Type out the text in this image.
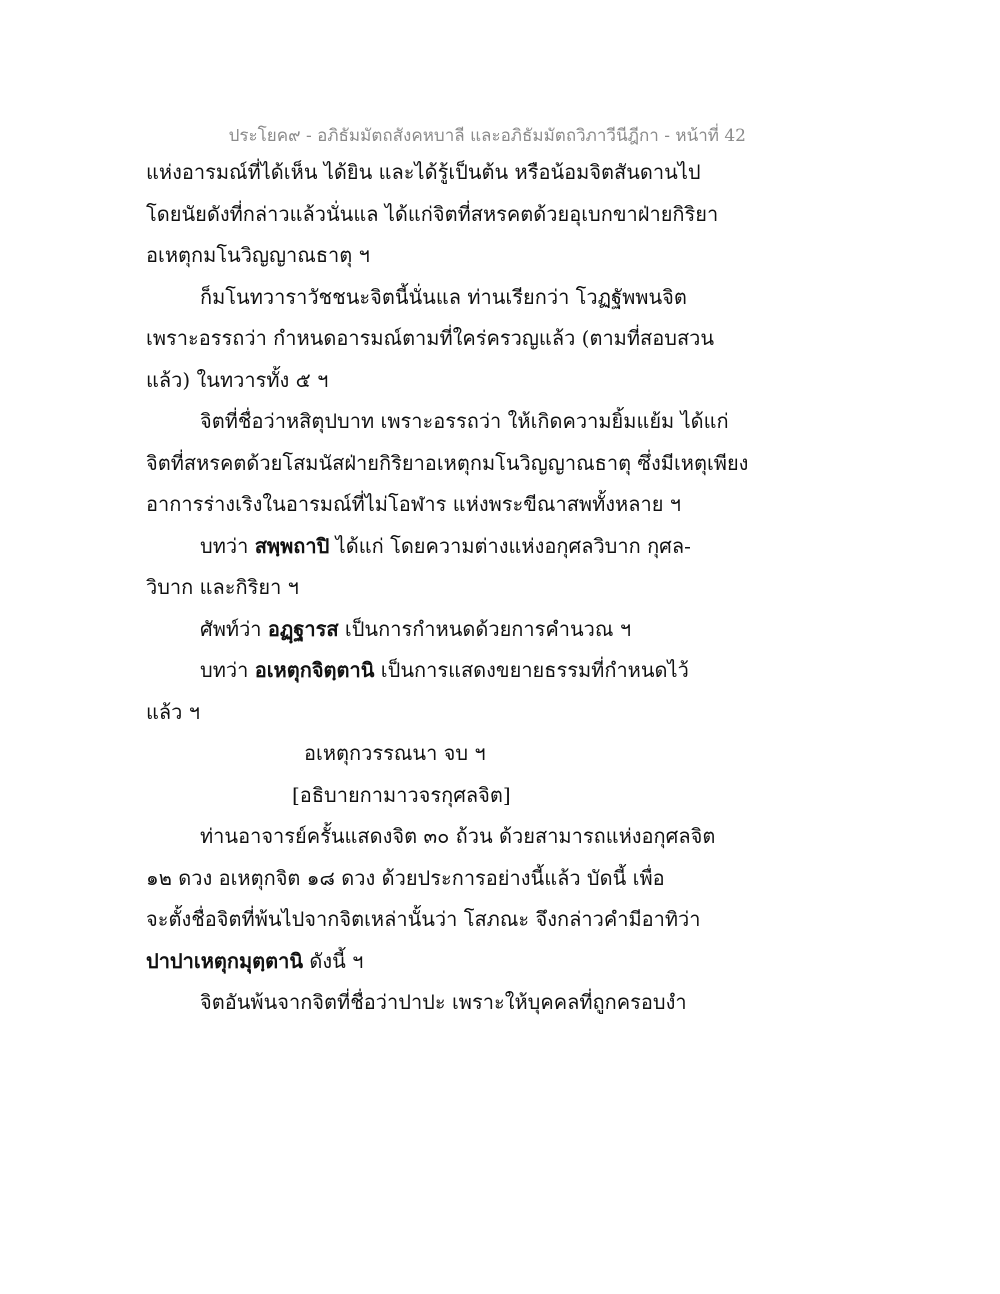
ประโยค๙ - อภิธัมมัตถสังคหบาลี และอภิธัมมัตถวิภาวีนีฎีกา - หน้าที่ 42
แห่งอารมณ์ที่ได้เห็น ได้ยิน และได้รู้เป็นต้น หรือน้อมจิตสันดานไป
โดยนัยดังที่กล่าวแล้วนั่นแล ได้แก่จิตที่สหรคตด้วยอุเบกขาฝ่ายกิริยา
อเหตุกมโนวิญญาณธาตุ ฯ
ก็มโนทวาราวัชชนะจิตนี้นั่นแล ท่านเรียกว่า โวฏฐัพพนจิต
เพราะอรรถว่า กำหนดอารมณ์ตามที่ใคร่ครวญแล้ว (ตามที่สอบสวน
แล้ว) ในทวารทั้ง ๕ ฯ
จิตที่ชื่อว่าหสิตุปบาท เพราะอรรถว่า ให้เกิดความยิ้มแย้ม ได้แก่
จิตที่สหรคตด้วยโสมนัสฝ่ายกิริยาอเหตุกมโนวิญญาณธาตุ ซึ่งมีเหตุเพียง
อาการร่างเริงในอารมณ์ที่ไม่โอฬาร แห่งพระขีณาสพทั้งหลาย ฯ
บทว่า สพฺพถาปิ ได้แก่ โดยความต่างแห่งอกุศลวิบาก กุศล-
วิบาก และกิริยา ฯ
ศัพท์ว่า อฏฺฐารส เป็นการกำหนดด้วยการคำนวณ ฯ
บทว่า อเหตุกจิตฺตานิ เป็นการแสดงขยายธรรมที่กำหนดไว้
แล้ว ฯ
อเหตุกวรรณนา จบ ฯ
[อธิบายกามาวจรกุศลจิต]
ท่านอาจารย์ครั้นแสดงจิต ๓๐ ถ้วน ด้วยสามารถแห่งอกุศลจิต
๑๒ ดวง อเหตุกจิต ๑๘ ดวง ด้วยประการอย่างนี้แล้ว บัดนี้ เพื่อ
จะตั้งชื่อจิตที่พ้นไปจากจิตเหล่านั้นว่า โสภณะ จึงกล่าวคำมีอาทิว่า
ปาปาเหตุกมุตฺตานิ ดังนี้ ฯ
จิตอันพ้นจากจิตที่ชื่อว่าปาปะ เพราะให้บุคคลที่ถูกครอบงำ
